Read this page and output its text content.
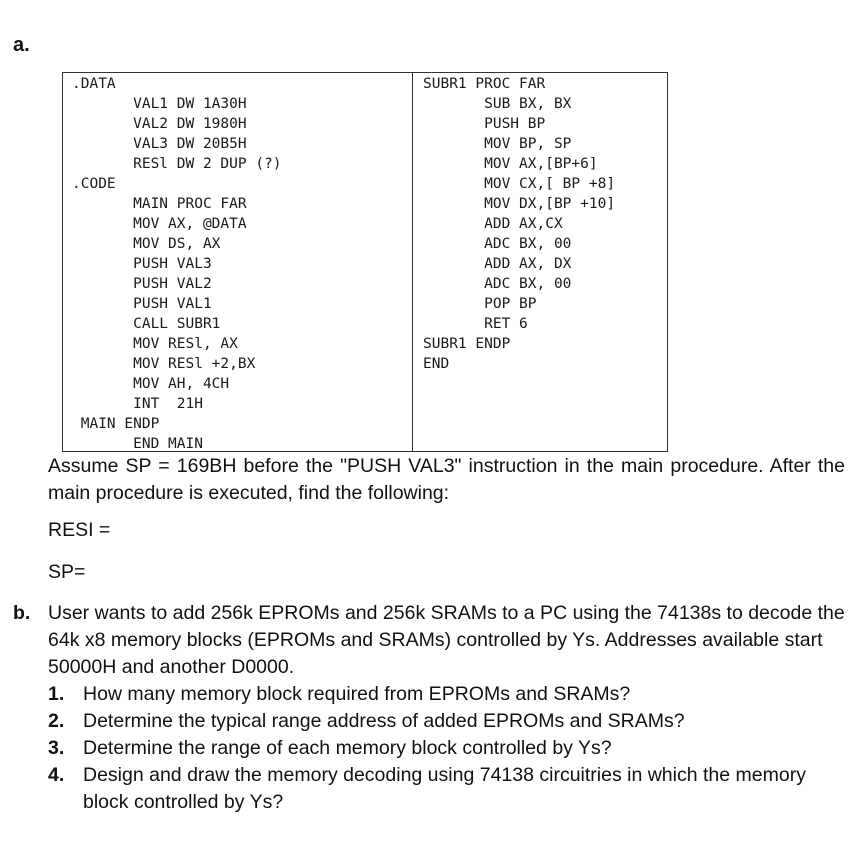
a.
.DATA
VAL1 DW 1A30H
VAL2 DW 1980H
VAL3 DW 20B5H
RESl DW 2 DUP (?)
.CODE
MAIN PROC FAR
MOV AX, @DATA
MOV DS, AX
PUSH VAL3
PUSH VAL2
PUSH VAL1
CALL SUBR1
MOV RESl, AX
MOV RESl +2,BX
MOV AH, 4CH
INT  21H
MAIN ENDP
END MAIN
SUBR1 PROC FAR
SUB BX, BX
PUSH BP
MOV BP, SP
MOV AX,[BP+6]
MOV CX,[ BP +8]
MOV DX,[BP +10]
ADD AX,CX
ADC BX, 00
ADD AX, DX
ADC BX, 00
POP BP
RET 6
SUBR1 ENDP
END
Assume SP = 169BH before the "PUSH VAL3" instruction in the main procedure. After the main procedure is executed, find the following:
RESI =
SP=
b. User wants to add 256k EPROMs and 256k SRAMs to a PC using the 74138s to decode the 64k x8 memory blocks (EPROMs and SRAMs) controlled by Ys. Addresses available start 50000H and another D0000.
1. How many memory block required from EPROMs and SRAMs?
2. Determine the typical range address of added EPROMs and SRAMs?
3. Determine the range of each memory block controlled by Ys?
4. Design and draw the memory decoding using 74138 circuitries in which the memory block controlled by Ys?
